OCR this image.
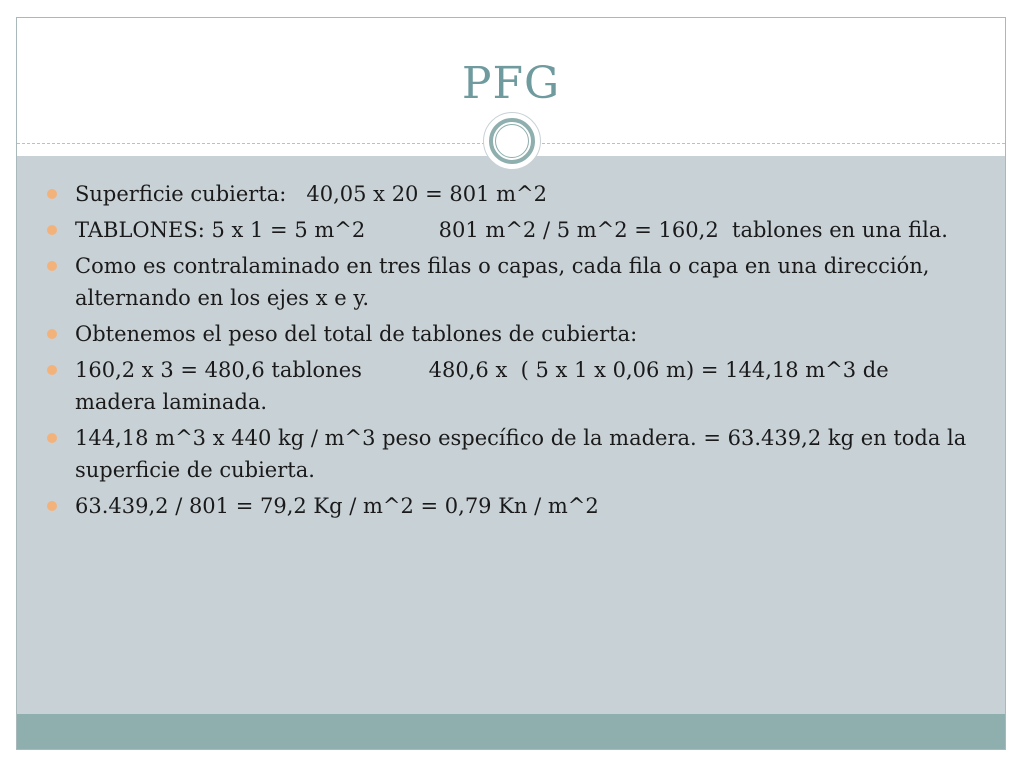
PFG
Superficie cubierta:   40,05 x 20 = 801 m^2
TABLONES: 5 x 1 = 5 m^2           801 m^2 / 5 m^2 = 160,2  tablones en una fila.
Como es contralaminado en tres filas o capas, cada fila o capa en una dirección, alternando en los ejes x e y.
Obtenemos el peso del total de tablones de cubierta:
160,2 x 3 = 480,6 tablones          480,6 x  ( 5 x 1 x 0,06 m) = 144,18 m^3 de madera laminada.
144,18 m^3 x 440 kg / m^3 peso específico de la madera. = 63.439,2 kg en toda la superficie de cubierta.
63.439,2 / 801 = 79,2 Kg / m^2 = 0,79 Kn / m^2
